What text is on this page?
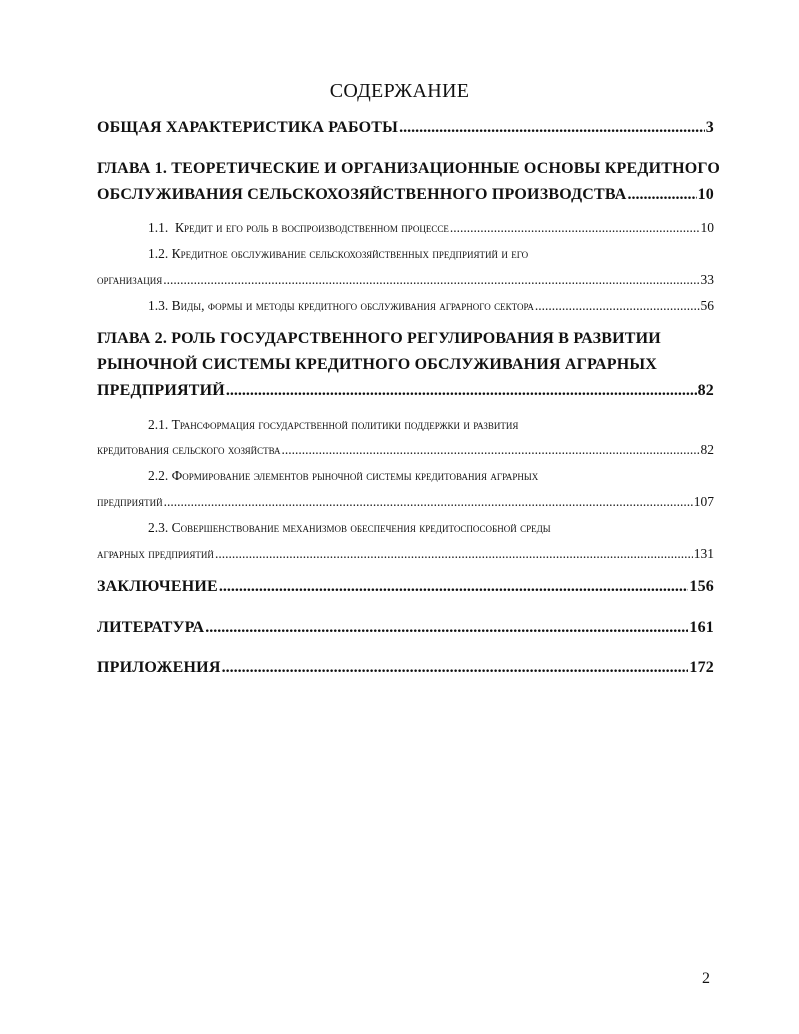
СОДЕРЖАНИЕ
ОБЩАЯ ХАРАКТЕРИСТИКА РАБОТЫ .....	3
ГЛАВА 1. ТЕОРЕТИЧЕСКИЕ И ОРГАНИЗАЦИОННЫЕ ОСНОВЫ КРЕДИТНОГО
ОБСЛУЖИВАНИЯ СЕЛЬСКОХОЗЯЙСТВЕННОГО ПРОИЗВОДСТВА .....	10
1.1. Кредит и его роль в воспроизводственном процессе .....	10
1.2. Кредитное обслуживание сельскохозяйственных предприятий и его
организация .....	33
1.3. Виды, формы и методы кредитного обслуживания аграрного сектора .....	56
ГЛАВА 2. РОЛЬ ГОСУДАРСТВЕННОГО РЕГУЛИРОВАНИЯ В РАЗВИТИИ
РЫНОЧНОЙ СИСТЕМЫ КРЕДИТНОГО ОБСЛУЖИВАНИЯ АГРАРНЫХ
ПРЕДПРИЯТИЙ .....	82
2.1. Трансформация государственной политики поддержки и развития
кредитования сельского хозяйства .....	82
2.2. Формирование элементов рыночной системы кредитования аграрных
предприятий .....	107
2.3. Совершенствование механизмов обеспечения кредитоспособной среды
аграрных предприятий .....	131
ЗАКЛЮЧЕНИЕ .....	156
ЛИТЕРАТУРА .....	161
ПРИЛОЖЕНИЯ .....	172
2
